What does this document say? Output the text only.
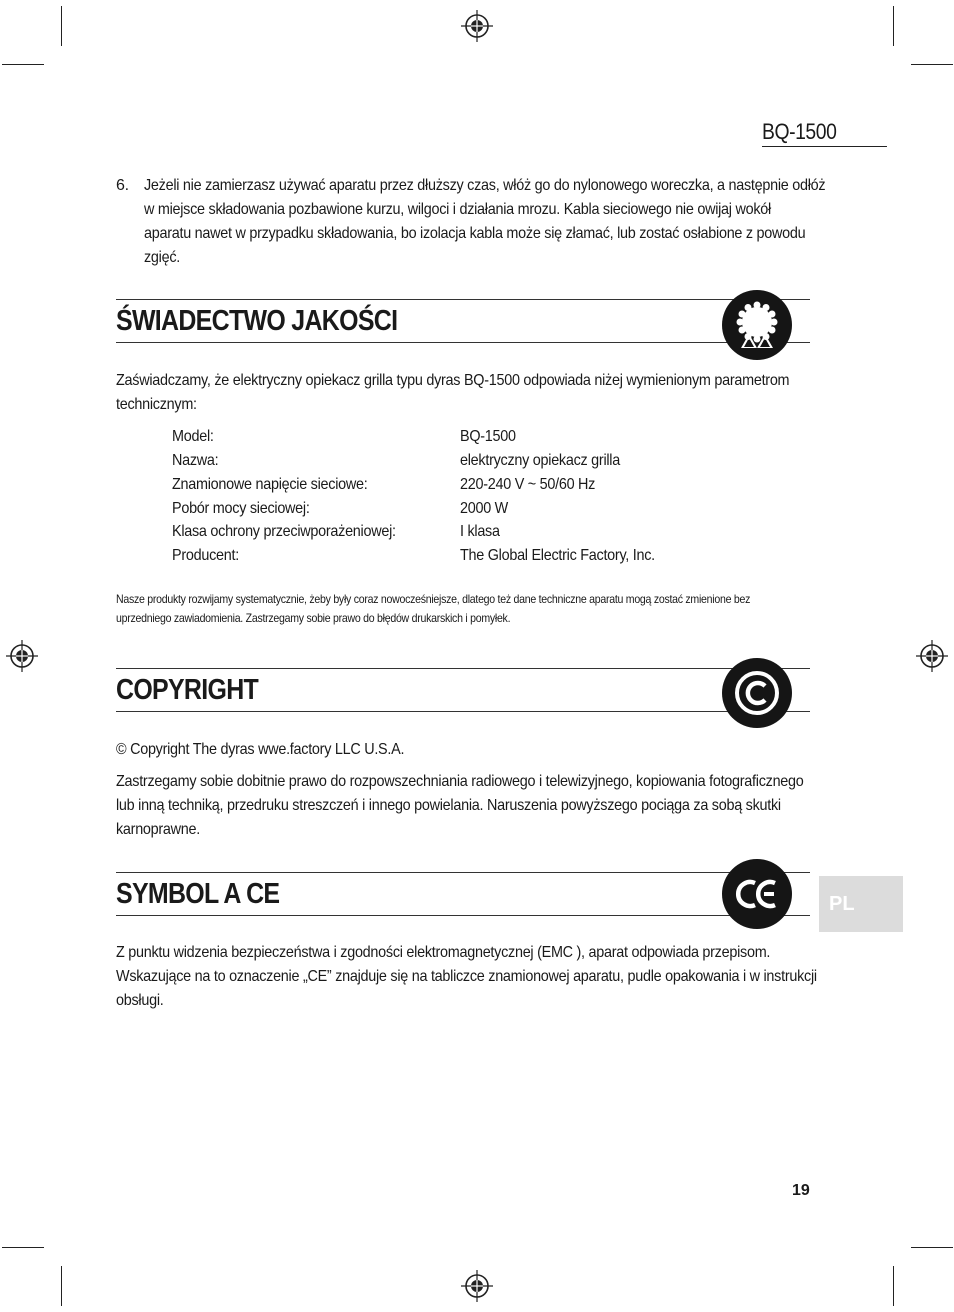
BQ-1500
6. Jeżeli nie zamierzasz używać aparatu przez dłuższy czas, włóż go do nylonowego woreczka, a następnie odłóż
w miejsce składowania pozbawione kurzu, wilgoci i działania mrozu. Kabla sieciowego nie owijaj wokół
aparatu nawet w przypadku składowania, bo izolacja kabla może się złamać, lub zostać osłabione z powodu
zgięć.
ŚWIADECTWO JAKOŚCI
Zaświadczamy, że elektryczny opiekacz grilla typu dyras BQ-1500 odpowiada niżej wymienionym parametrom
technicznym:
Model:	BQ-1500
Nazwa:	elektryczny opiekacz grilla
Znamionowe napięcie sieciowe:	220-240 V ~ 50/60 Hz
Pobór mocy sieciowej:	2000 W
Klasa ochrony przeciwporażeniowej:	I klasa
Producent:	The Global Electric Factory, Inc.
Nasze produkty rozwijamy systematycznie, żeby były coraz nowocześniejsze, dlatego też dane techniczne aparatu mogą zostać zmienione bez
uprzedniego zawiadomienia. Zastrzegamy sobie prawo do błędów drukarskich i pomyłek.
COPYRIGHT
© Copyright The dyras wwe.factory LLC U.S.A.
Zastrzegamy sobie dobitnie prawo do rozpowszechniania radiowego i telewizyjnego, kopiowania fotograficznego
lub inną techniką, przedruku streszczeń i innego powielania. Naruszenia powyższego pociąga za sobą skutki
karnoprawne.
SYMBOL A CE
Z punktu widzenia bezpieczeństwa i zgodności elektromagnetycznej (EMC ), aparat odpowiada przepisom.
Wskazujące na to oznaczenie „CE” znajduje się na tabliczce znamionowej aparatu, pudle opakowania i w instrukcji
obsługi.
PL
19
